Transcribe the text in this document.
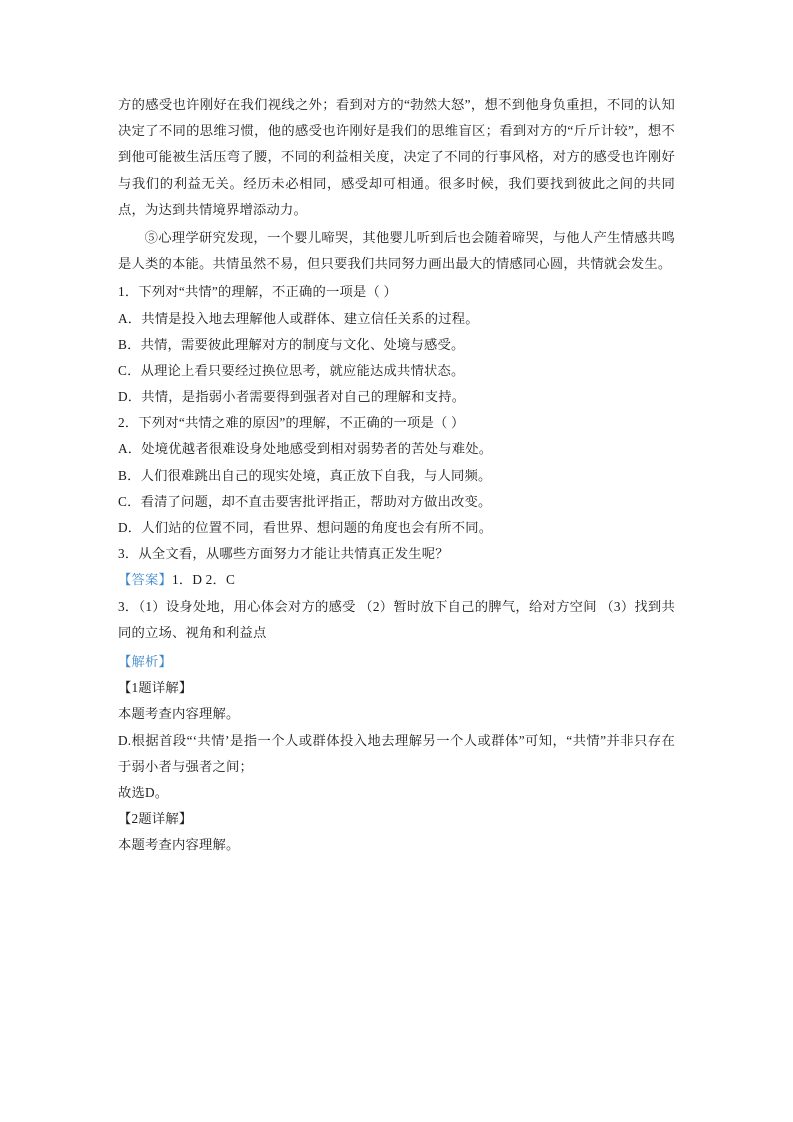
方的感受也许刚好在我们视线之外；看到对方的“勃然大怒”，想不到他身负重担，不同的认知决定了不同的思维习惯，他的感受也许刚好是我们的思维盲区；看到对方的“斤斤计较”，想不到他可能被生活压弯了腰，不同的利益相关度，决定了不同的行事风格，对方的感受也许刚好与我们的利益无关。经历未必相同，感受却可相通。很多时候，我们要找到彼此之间的共同点，为达到共情境界增添动力。

⑤心理学研究发现，一个婴儿啼哭，其他婴儿听到后也会随着啼哭，与他人产生情感共鸣是人类的本能。共情虽然不易，但只要我们共同努力画出最大的情感同心圆，共情就会发生。

1．下列对“共情”的理解，不正确的一项是（ ）

A．共情是投入地去理解他人或群体、建立信任关系的过程。

B．共情，需要彼此理解对方的制度与文化、处境与感受。

C．从理论上看只要经过换位思考，就应能达成共情状态。

D．共情，是指弱小者需要得到强者对自己的理解和支持。

2．下列对“共情之难的原因”的理解，不正确的一项是（ ）

A．处境优越者很难设身处地感受到相对弱势者的苦处与难处。

B．人们很难跳出自己的现实处境，真正放下自我，与人同频。

C．看清了问题，却不直击要害批评指正，帮助对方做出改变。

D．人们站的位置不同，看世界、想问题的角度也会有所不同。

3．从全文看，从哪些方面努力才能让共情真正发生呢？

【答案】1．D 2．C

3．（1）设身处地，用心体会对方的感受 （2）暂时放下自己的脾气，给对方空间 （3）找到共同的立场、视角和利益点

【解析】

【1题详解】

本题考查内容理解。

D.根据首段“‘共情’是指一个人或群体投入地去理解另一个人或群体”可知，“共情”并非只存在于弱小者与强者之间；

故选D。

【2题详解】

本题考查内容理解。
